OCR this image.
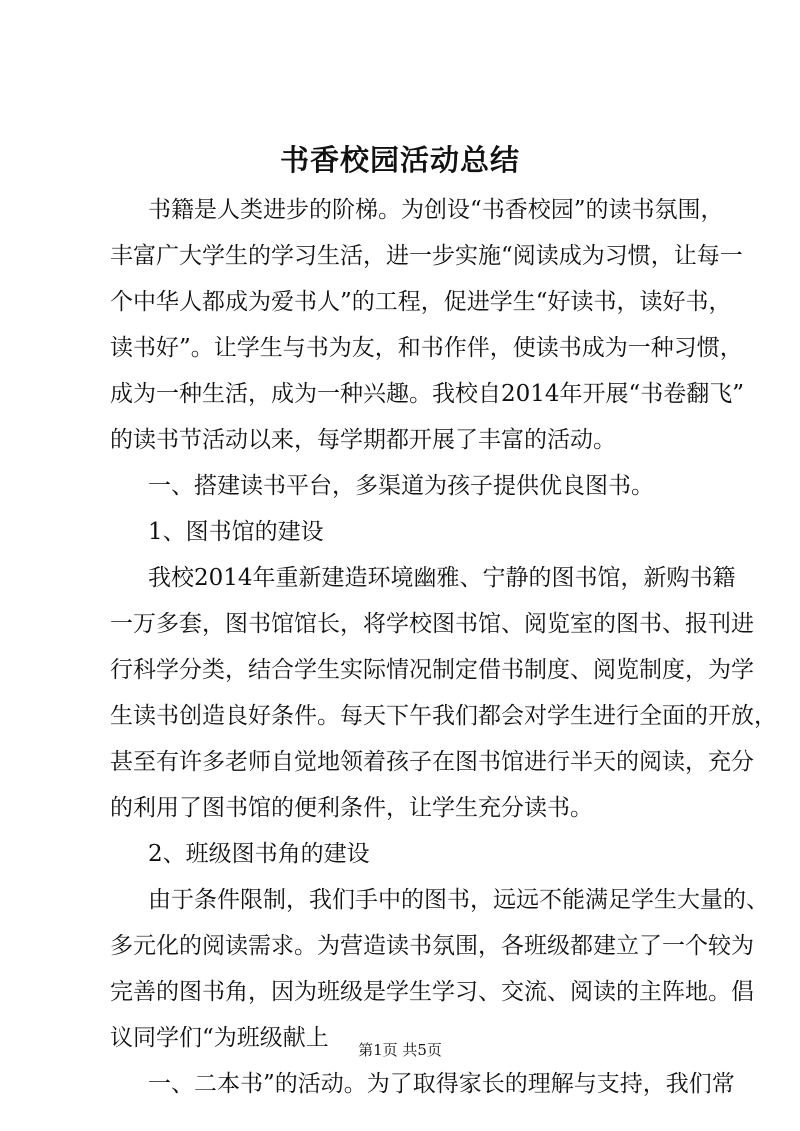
书香校园活动总结
书籍是人类进步的阶梯。为创设“书香校园”的读书氛围，
丰富广大学生的学习生活，进一步实施“阅读成为习惯，让每一
个中华人都成为爱书人”的工程，促进学生“好读书，读好书，
读书好”。让学生与书为友，和书作伴，使读书成为一种习惯，
成为一种生活，成为一种兴趣。我校自2014年开展“书卷翻飞”
的读书节活动以来，每学期都开展了丰富的活动。
一、搭建读书平台，多渠道为孩子提供优良图书。
1、图书馆的建设
我校2014年重新建造环境幽雅、宁静的图书馆，新购书籍
一万多套，图书馆馆长，将学校图书馆、阅览室的图书、报刊进
行科学分类，结合学生实际情况制定借书制度、阅览制度，为学
生读书创造良好条件。每天下午我们都会对学生进行全面的开放，
甚至有许多老师自觉地领着孩子在图书馆进行半天的阅读，充分
的利用了图书馆的便利条件，让学生充分读书。
2、班级图书角的建设
由于条件限制，我们手中的图书，远远不能满足学生大量的、
多元化的阅读需求。为营造读书氛围，各班级都建立了一个较为
完善的图书角，因为班级是学生学习、交流、阅读的主阵地。倡
议同学们“为班级献上
一、二本书”的活动。为了取得家长的理解与支持，我们常
第1页 共5页
